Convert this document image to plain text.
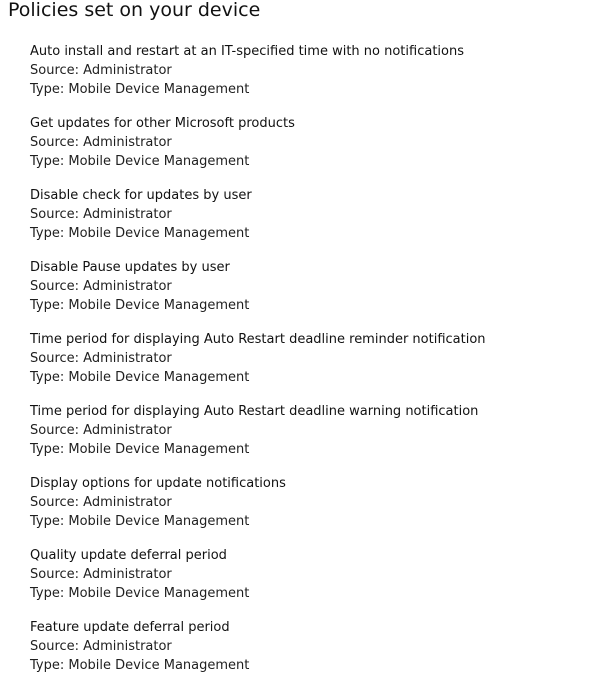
Policies set on your device
Auto install and restart at an IT-specified time with no notifications
Source: Administrator
Type: Mobile Device Management
Get updates for other Microsoft products
Source: Administrator
Type: Mobile Device Management
Disable check for updates by user
Source: Administrator
Type: Mobile Device Management
Disable Pause updates by user
Source: Administrator
Type: Mobile Device Management
Time period for displaying Auto Restart deadline reminder notification
Source: Administrator
Type: Mobile Device Management
Time period for displaying Auto Restart deadline warning notification
Source: Administrator
Type: Mobile Device Management
Display options for update notifications
Source: Administrator
Type: Mobile Device Management
Quality update deferral period
Source: Administrator
Type: Mobile Device Management
Feature update deferral period
Source: Administrator
Type: Mobile Device Management
